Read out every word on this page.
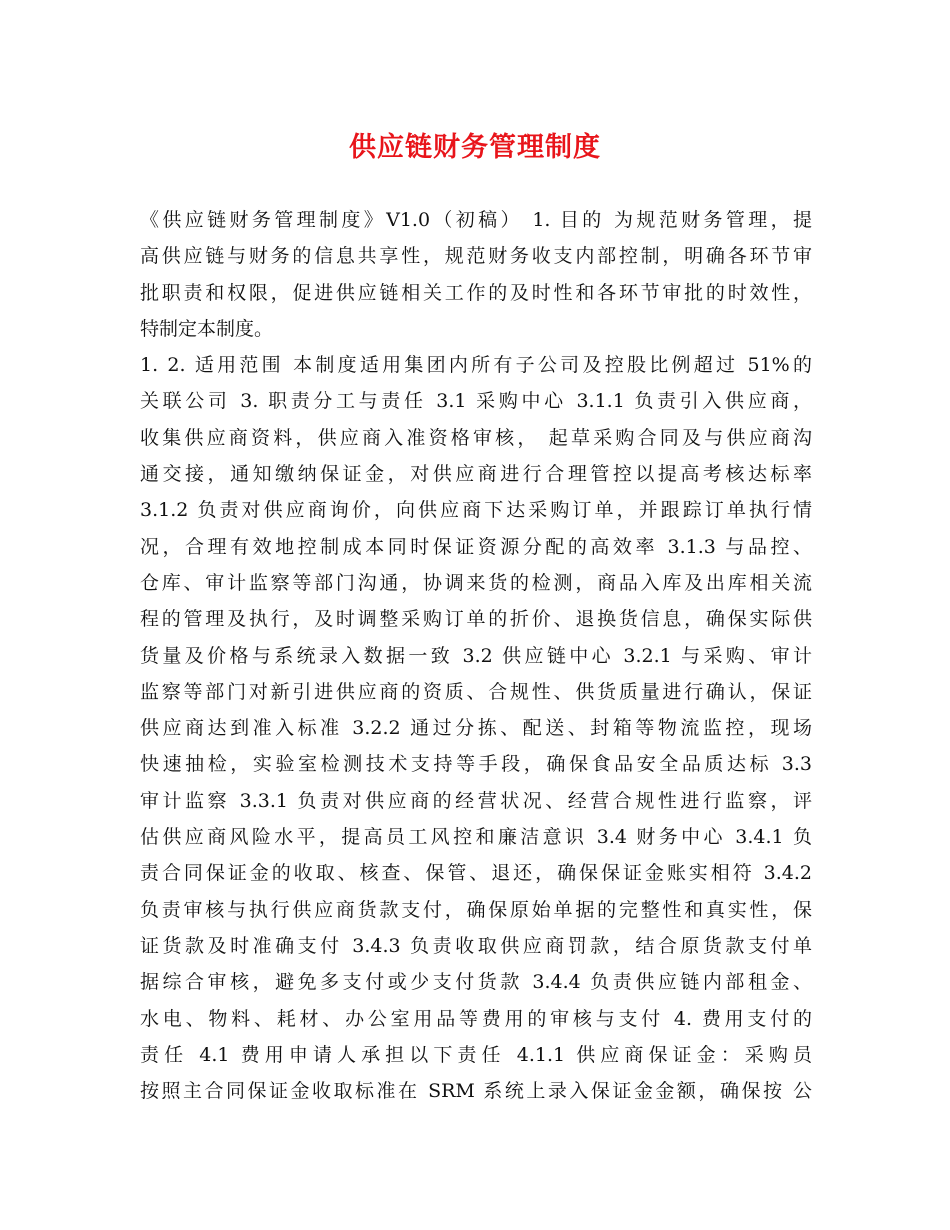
供应链财务管理制度
《供应链财务管理制度》V1.0（初稿） 1. 目的 为规范财务管理，提
高供应链与财务的信息共享性，规范财务收支内部控制，明确各环节审
批职责和权限，促进供应链相关工作的及时性和各环节审批的时效性，
特制定本制度。
1. 2. 适用范围 本制度适用集团内所有子公司及控股比例超过 51%的
关联公司 3. 职责分工与责任 3.1 采购中心 3.1.1 负责引入供应商，
收集供应商资料，供应商入准资格审核， 起草采购合同及与供应商沟
通交接，通知缴纳保证金，对供应商进行合理管控以提高考核达标率
3.1.2 负责对供应商询价，向供应商下达采购订单，并跟踪订单执行情
况，合理有效地控制成本同时保证资源分配的高效率 3.1.3 与品控、
仓库、审计监察等部门沟通，协调来货的检测，商品入库及出库相关流
程的管理及执行，及时调整采购订单的折价、退换货信息，确保实际供
货量及价格与系统录入数据一致 3.2 供应链中心 3.2.1 与采购、审计
监察等部门对新引进供应商的资质、合规性、供货质量进行确认，保证
供应商达到准入标准 3.2.2 通过分拣、配送、封箱等物流监控，现场
快速抽检，实验室检测技术支持等手段，确保食品安全品质达标 3.3
审计监察 3.3.1 负责对供应商的经营状况、经营合规性进行监察，评
估供应商风险水平，提高员工风控和廉洁意识 3.4 财务中心 3.4.1 负
责合同保证金的收取、核查、保管、退还，确保保证金账实相符 3.4.2
负责审核与执行供应商货款支付，确保原始单据的完整性和真实性，保
证货款及时准确支付 3.4.3 负责收取供应商罚款，结合原货款支付单
据综合审核，避免多支付或少支付货款 3.4.4 负责供应链内部租金、
水电、物料、耗材、办公室用品等费用的审核与支付 4. 费用支付的
责任 4.1 费用申请人承担以下责任 4.1.1 供应商保证金：采购员
按照主合同保证金收取标准在 SRM 系统上录入保证金金额，确保按 公
